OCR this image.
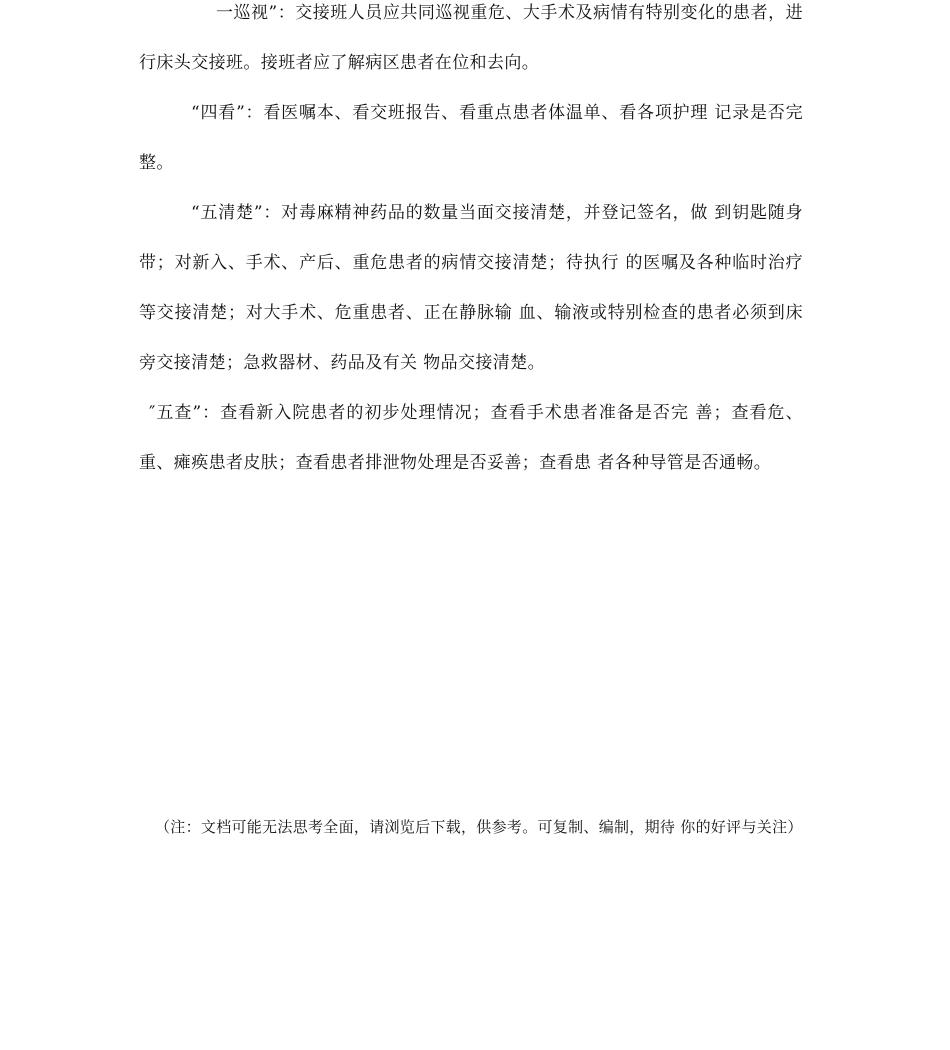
一巡视”：交接班人员应共同巡视重危、大手术及病情有特别变化的患者，进行床头交接班。接班者应了解病区患者在位和去向。

“四看”：看医嘱本、看交班报告、看重点患者体温单、看各项护理 记录是否完整。

“五清楚”：对毒麻精神药品的数量当面交接清楚，并登记签名，做 到钥匙随身带；对新入、手术、产后、重危患者的病情交接清楚；待执行 的医嘱及各种临时治疗等交接清楚；对大手术、危重患者、正在静脉输 血、输液或特别检查的患者必须到床旁交接清楚；急救器材、药品及有关 物品交接清楚。

″五查”：查看新入院患者的初步处理情况；查看手术患者准备是否完 善；查看危、重、瘫痪患者皮肤；查看患者排泄物处理是否妥善；查看患 者各种导管是否通畅。

（注：文档可能无法思考全面，请浏览后下载，供参考。可复制、编制，期待 你的好评与关注）
